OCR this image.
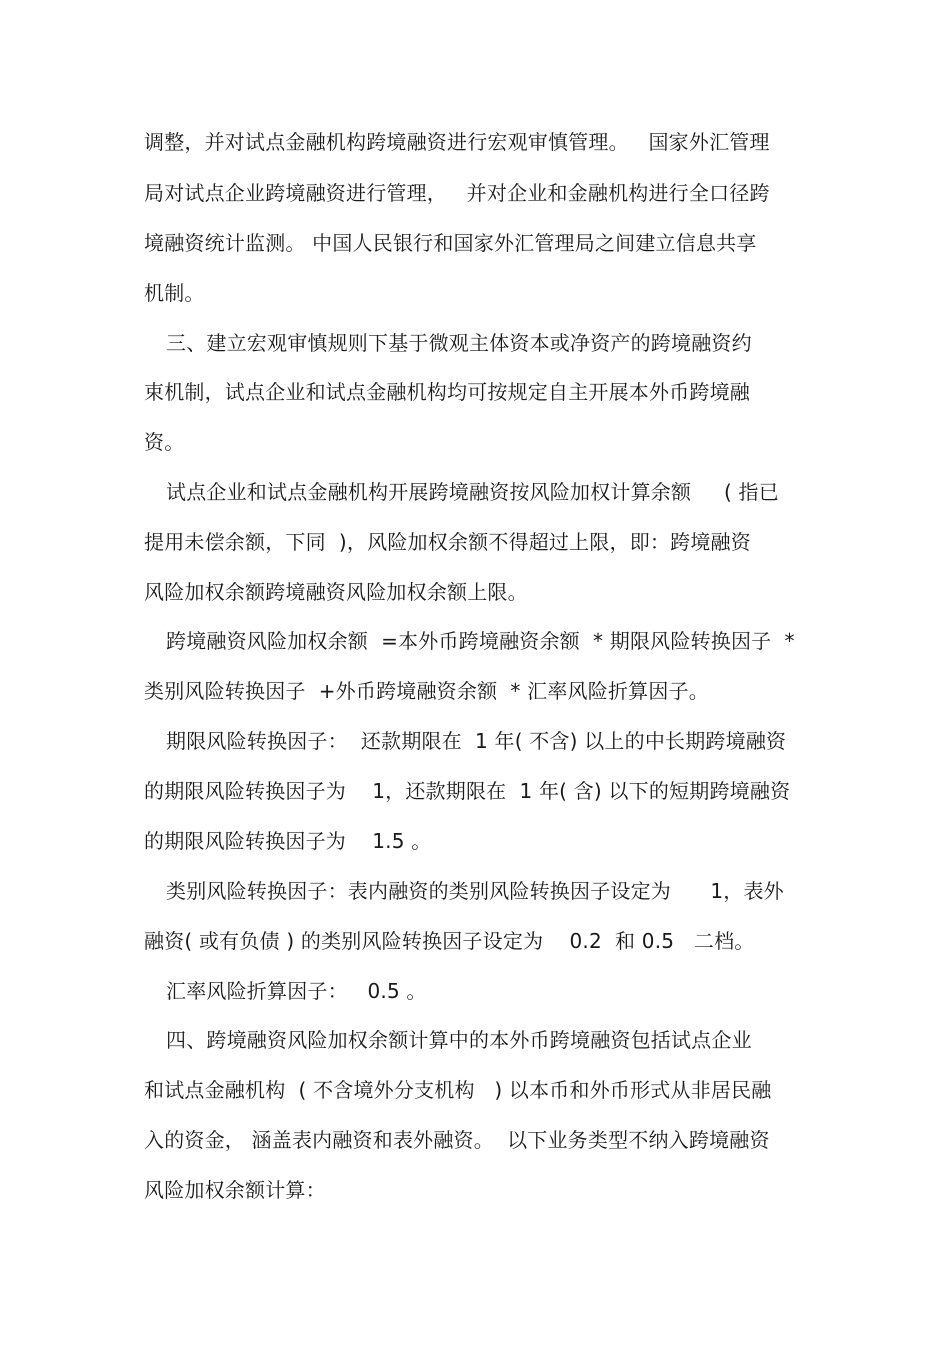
调整，并对试点金融机构跨境融资进行宏观审慎管理。   国家外汇管理
局对试点企业跨境融资进行管理，   并对企业和金融机构进行全口径跨
境融资统计监测。 中国人民银行和国家外汇管理局之间建立信息共享
机制。
三、建立宏观审慎规则下基于微观主体资本或净资产的跨境融资约
束机制，试点企业和试点金融机构均可按规定自主开展本外币跨境融
资。
试点企业和试点金融机构开展跨境融资按风险加权计算余额     ( 指已
提用未偿余额，下同  )，风险加权余额不得超过上限，即：跨境融资
风险加权余额跨境融资风险加权余额上限。
跨境融资风险加权余额  =本外币跨境融资余额  * 期限风险转换因子  *
类别风险转换因子  +外币跨境融资余额  * 汇率风险折算因子。
期限风险转换因子：  还款期限在  1 年( 不含) 以上的中长期跨境融资
的期限风险转换因子为    1，还款期限在  1 年( 含) 以下的短期跨境融资
的期限风险转换因子为    1.5 。
类别风险转换因子：表内融资的类别风险转换因子设定为      1，表外
融资( 或有负债 ) 的类别风险转换因子设定为    0.2  和 0.5   二档。
汇率风险折算因子：   0.5 。
四、跨境融资风险加权余额计算中的本外币跨境融资包括试点企业
和试点金融机构  ( 不含境外分支机构   ) 以本币和外币形式从非居民融
入的资金， 涵盖表内融资和表外融资。  以下业务类型不纳入跨境融资
风险加权余额计算：
